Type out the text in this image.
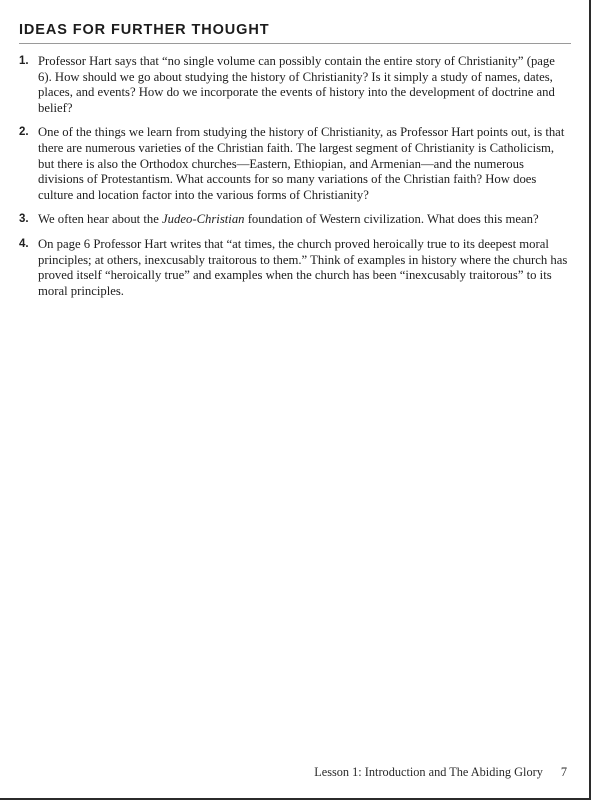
IDEAS FOR FURTHER THOUGHT
1. Professor Hart says that “no single volume can possibly contain the entire story of Christianity” (page 6). How should we go about studying the history of Christianity? Is it simply a study of names, dates, places, and events? How do we incorporate the events of history into the development of doctrine and belief?
2. One of the things we learn from studying the history of Christianity, as Professor Hart points out, is that there are numerous varieties of the Christian faith. The largest segment of Christianity is Catholicism, but there is also the Orthodox churches—Eastern, Ethiopian, and Armenian—and the numerous divisions of Protestantism. What accounts for so many variations of the Christian faith? How does culture and location factor into the various forms of Christianity?
3. We often hear about the Judeo-Christian foundation of Western civilization. What does this mean?
4. On page 6 Professor Hart writes that “at times, the church proved heroically true to its deepest moral principles; at others, inexcusably traitorous to them.” Think of examples in history where the church has proved itself “heroically true” and examples when the church has been “inexcusably traitorous” to its moral principles.
Lesson 1: Introduction and The Abiding Glory 7
